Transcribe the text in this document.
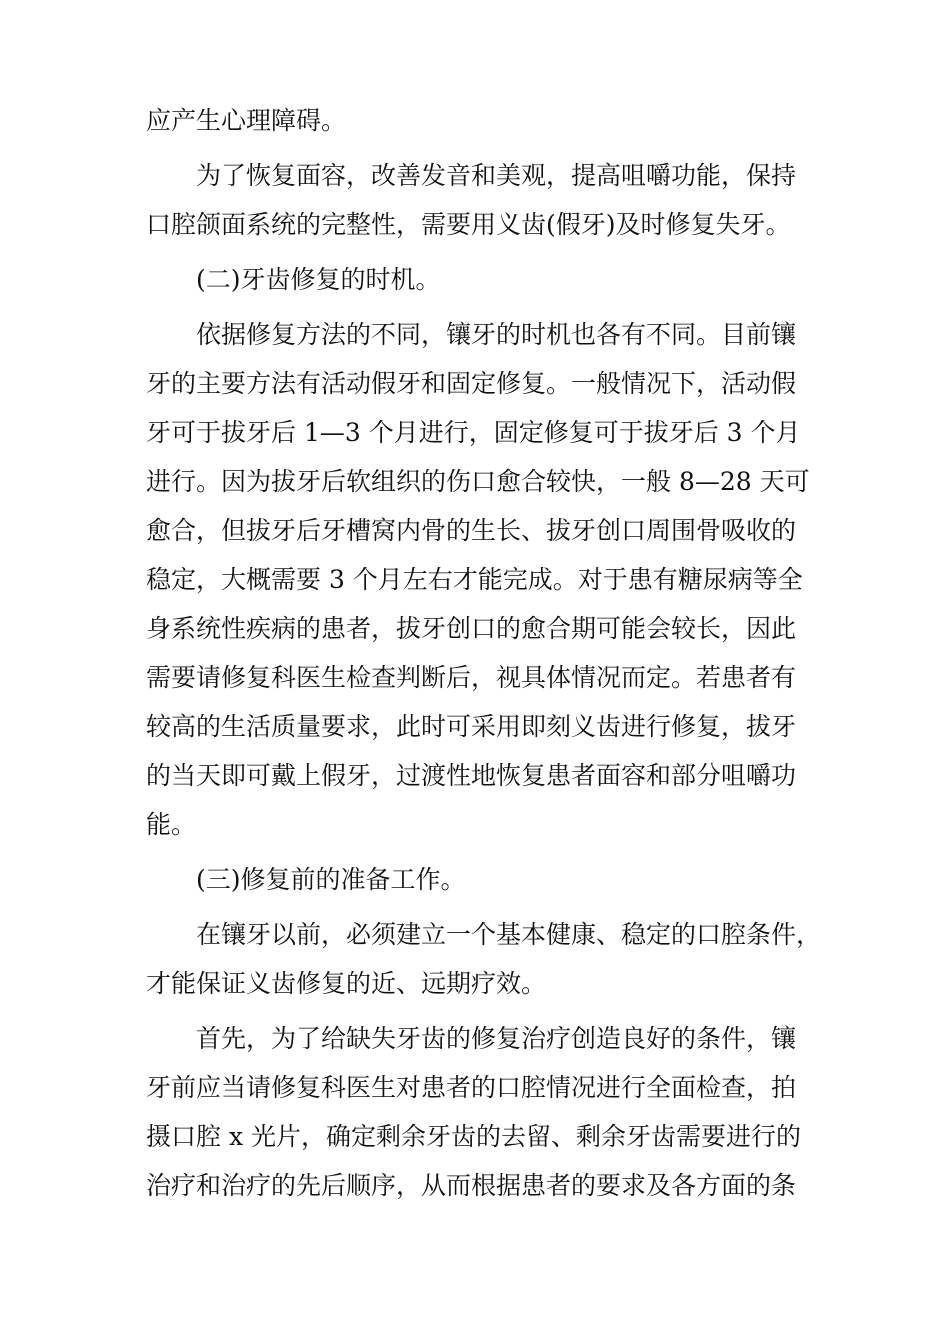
应产生心理障碍。
为了恢复面容，改善发音和美观，提高咀嚼功能，保持
口腔颌面系统的完整性，需要用义齿(假牙)及时修复失牙。
(二)牙齿修复的时机。
依据修复方法的不同，镶牙的时机也各有不同。目前镶
牙的主要方法有活动假牙和固定修复。一般情况下，活动假
牙可于拔牙后 1—3 个月进行，固定修复可于拔牙后 3 个月
进行。因为拔牙后软组织的伤口愈合较快，一般 8—28 天可
愈合，但拔牙后牙槽窝内骨的生长、拔牙创口周围骨吸收的
稳定，大概需要 3 个月左右才能完成。对于患有糖尿病等全
身系统性疾病的患者，拔牙创口的愈合期可能会较长，因此
需要请修复科医生检查判断后，视具体情况而定。若患者有
较高的生活质量要求，此时可采用即刻义齿进行修复，拔牙
的当天即可戴上假牙，过渡性地恢复患者面容和部分咀嚼功
能。
(三)修复前的准备工作。
在镶牙以前，必须建立一个基本健康、稳定的口腔条件，
才能保证义齿修复的近、远期疗效。
首先，为了给缺失牙齿的修复治疗创造良好的条件，镶
牙前应当请修复科医生对患者的口腔情况进行全面检查，拍
摄口腔 x 光片，确定剩余牙齿的去留、剩余牙齿需要进行的
治疗和治疗的先后顺序，从而根据患者的要求及各方面的条
